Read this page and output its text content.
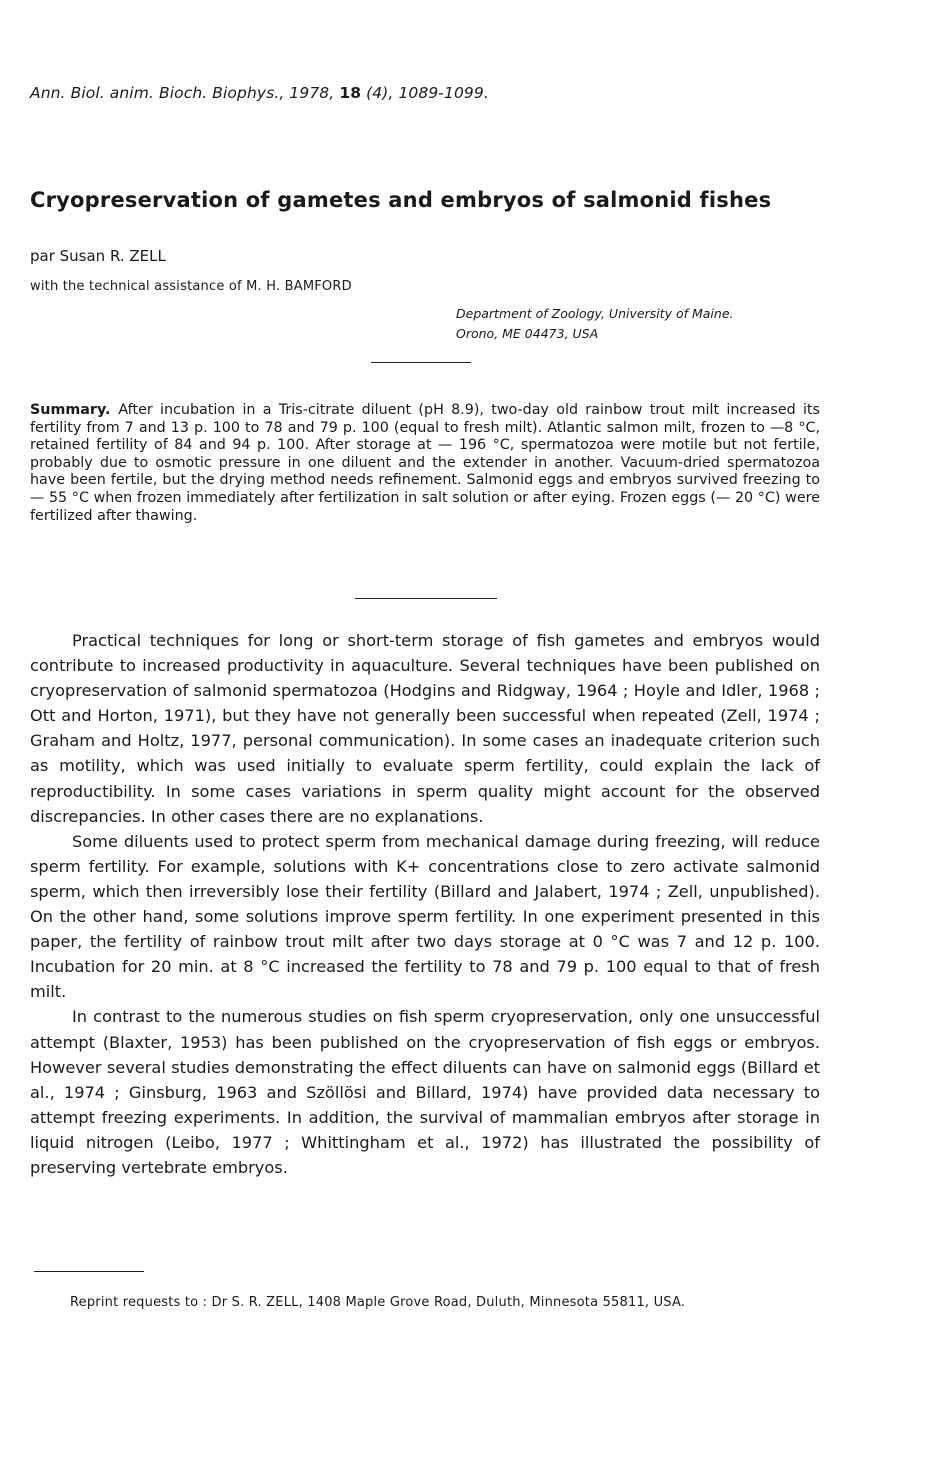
Ann. Biol. anim. Bioch. Biophys., 1978, 18 (4), 1089-1099.
Cryopreservation of gametes and embryos of salmonid fishes
par Susan R. ZELL
with the technical assistance of M. H. BAMFORD
Department of Zoology, University of Maine.
Orono, ME 04473, USA
Summary. After incubation in a Tris-citrate diluent (pH 8.9), two-day old rainbow trout milt increased its fertility from 7 and 13 p. 100 to 78 and 79 p. 100 (equal to fresh milt). Atlantic salmon milt, frozen to —8 °C, retained fertility of 84 and 94 p. 100. After storage at — 196 °C, spermatozoa were motile but not fertile, probably due to osmotic pressure in one diluent and the extender in another. Vacuum-dried spermatozoa have been fertile, but the drying method needs refinement. Salmonid eggs and embryos survived freezing to — 55 °C when frozen immediately after fertilization in salt solution or after eying. Frozen eggs (— 20 °C) were fertilized after thawing.

Practical techniques for long or short-term storage of fish gametes and embryos would contribute to increased productivity in aquaculture. Several techniques have been published on cryopreservation of salmonid spermatozoa (Hodgins and Ridgway, 1964 ; Hoyle and Idler, 1968 ; Ott and Horton, 1971), but they have not generally been successful when repeated (Zell, 1974 ; Graham and Holtz, 1977, personal communication). In some cases an inadequate criterion such as motility, which was used initially to evaluate sperm fertility, could explain the lack of reproductibility. In some cases variations in sperm quality might account for the observed discrepancies. In other cases there are no explanations.

Some diluents used to protect sperm from mechanical damage during freezing, will reduce sperm fertility. For example, solutions with K+ concentrations close to zero activate salmonid sperm, which then irreversibly lose their fertility (Billard and Jalabert, 1974 ; Zell, unpublished). On the other hand, some solutions improve sperm fertility. In one experiment presented in this paper, the fertility of rainbow trout milt after two days storage at 0 °C was 7 and 12 p. 100. Incubation for 20 min. at 8 °C increased the fertility to 78 and 79 p. 100 equal to that of fresh milt.

In contrast to the numerous studies on fish sperm cryopreservation, only one unsuccessful attempt (Blaxter, 1953) has been published on the cryopreservation of fish eggs or embryos. However several studies demonstrating the effect diluents can have on salmonid eggs (Billard et al., 1974 ; Ginsburg, 1963 and Szöllösi and Billard, 1974) have provided data necessary to attempt freezing experiments. In addition, the survival of mammalian embryos after storage in liquid nitrogen (Leibo, 1977 ; Whittingham et al., 1972) has illustrated the possibility of preserving vertebrate embryos.

Reprint requests to : Dr S. R. ZELL, 1408 Maple Grove Road, Duluth, Minnesota 55811, USA.
